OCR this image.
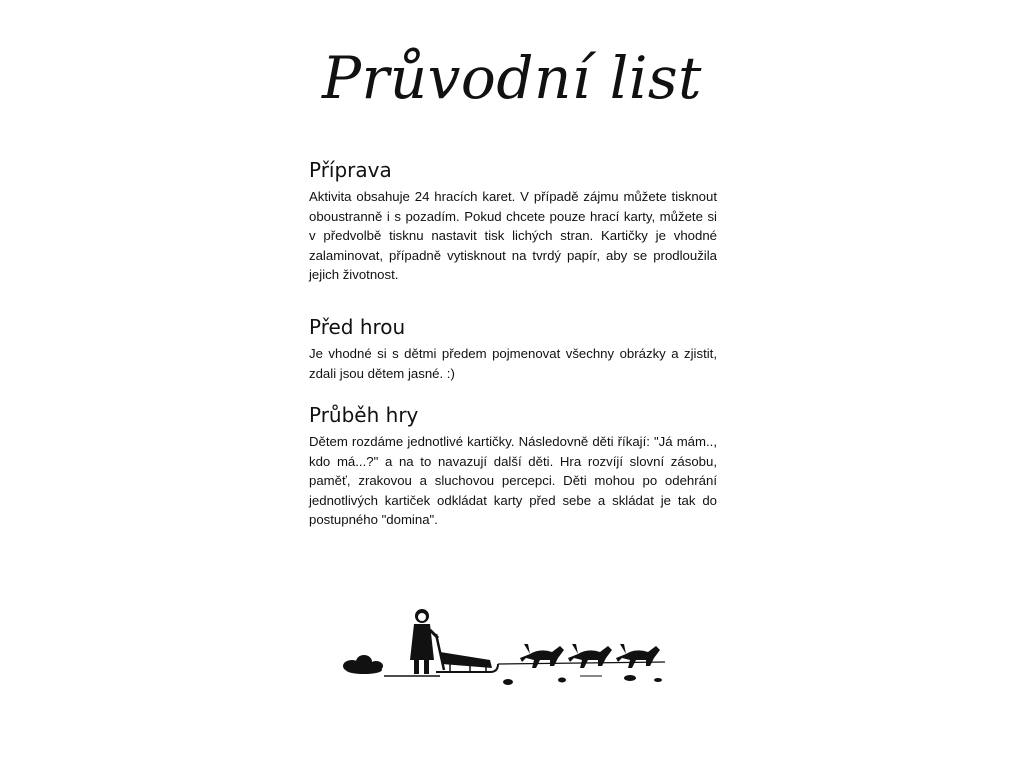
Průvodní list
Příprava

Aktivita obsahuje 24 hracích karet. V případě zájmu můžete tisknout oboustranně i s pozadím. Pokud chcete pouze hrací karty, můžete si v předvolbě tisknu nastavit tisk lichých stran. Kartičky je vhodné zalaminovat, případně vytisknout na tvrdý papír, aby se prodloužila jejich životnost.

Před hrou

Je vhodné si s dětmi předem pojmenovat všechny obrázky a zjistit, zdali jsou dětem jasné. :)

Průběh hry

Dětem rozdáme jednotlivé kartičky. Následovně děti říkají: "Já mám.., kdo má...?" a na to navazují další děti. Hra rozvíjí slovní zásobu, paměť, zrakovou a sluchovou percepci. Děti mohou po odehrání jednotlivých kartiček odkládat karty před sebe a skládat je tak do postupného "domina".
